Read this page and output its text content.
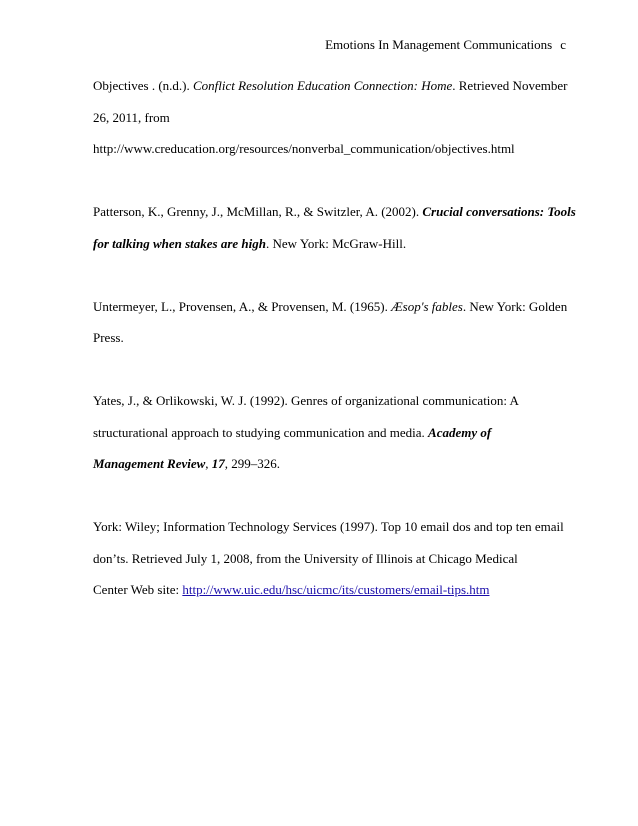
Emotions In Management Communications c
Objectives . (n.d.). Conflict Resolution Education Connection: Home. Retrieved November
26, 2011, from
http://www.creducation.org/resources/nonverbal_communication/objectives.html
Patterson, K., Grenny, J., McMillan, R., & Switzler, A. (2002). Crucial conversations: Tools
for talking when stakes are high. New York: McGraw-Hill.
Untermeyer, L., Provensen, A., & Provensen, M. (1965). Æsop's fables. New York: Golden
Press.
Yates, J., & Orlikowski, W. J. (1992). Genres of organizational communication: A
structurational approach to studying communication and media. Academy of
Management Review, 17, 299–326.
York: Wiley; Information Technology Services (1997). Top 10 email dos and top ten email
don’ts. Retrieved July 1, 2008, from the University of Illinois at Chicago Medical
Center Web site: http://www.uic.edu/hsc/uicmc/its/customers/email-tips.htm
